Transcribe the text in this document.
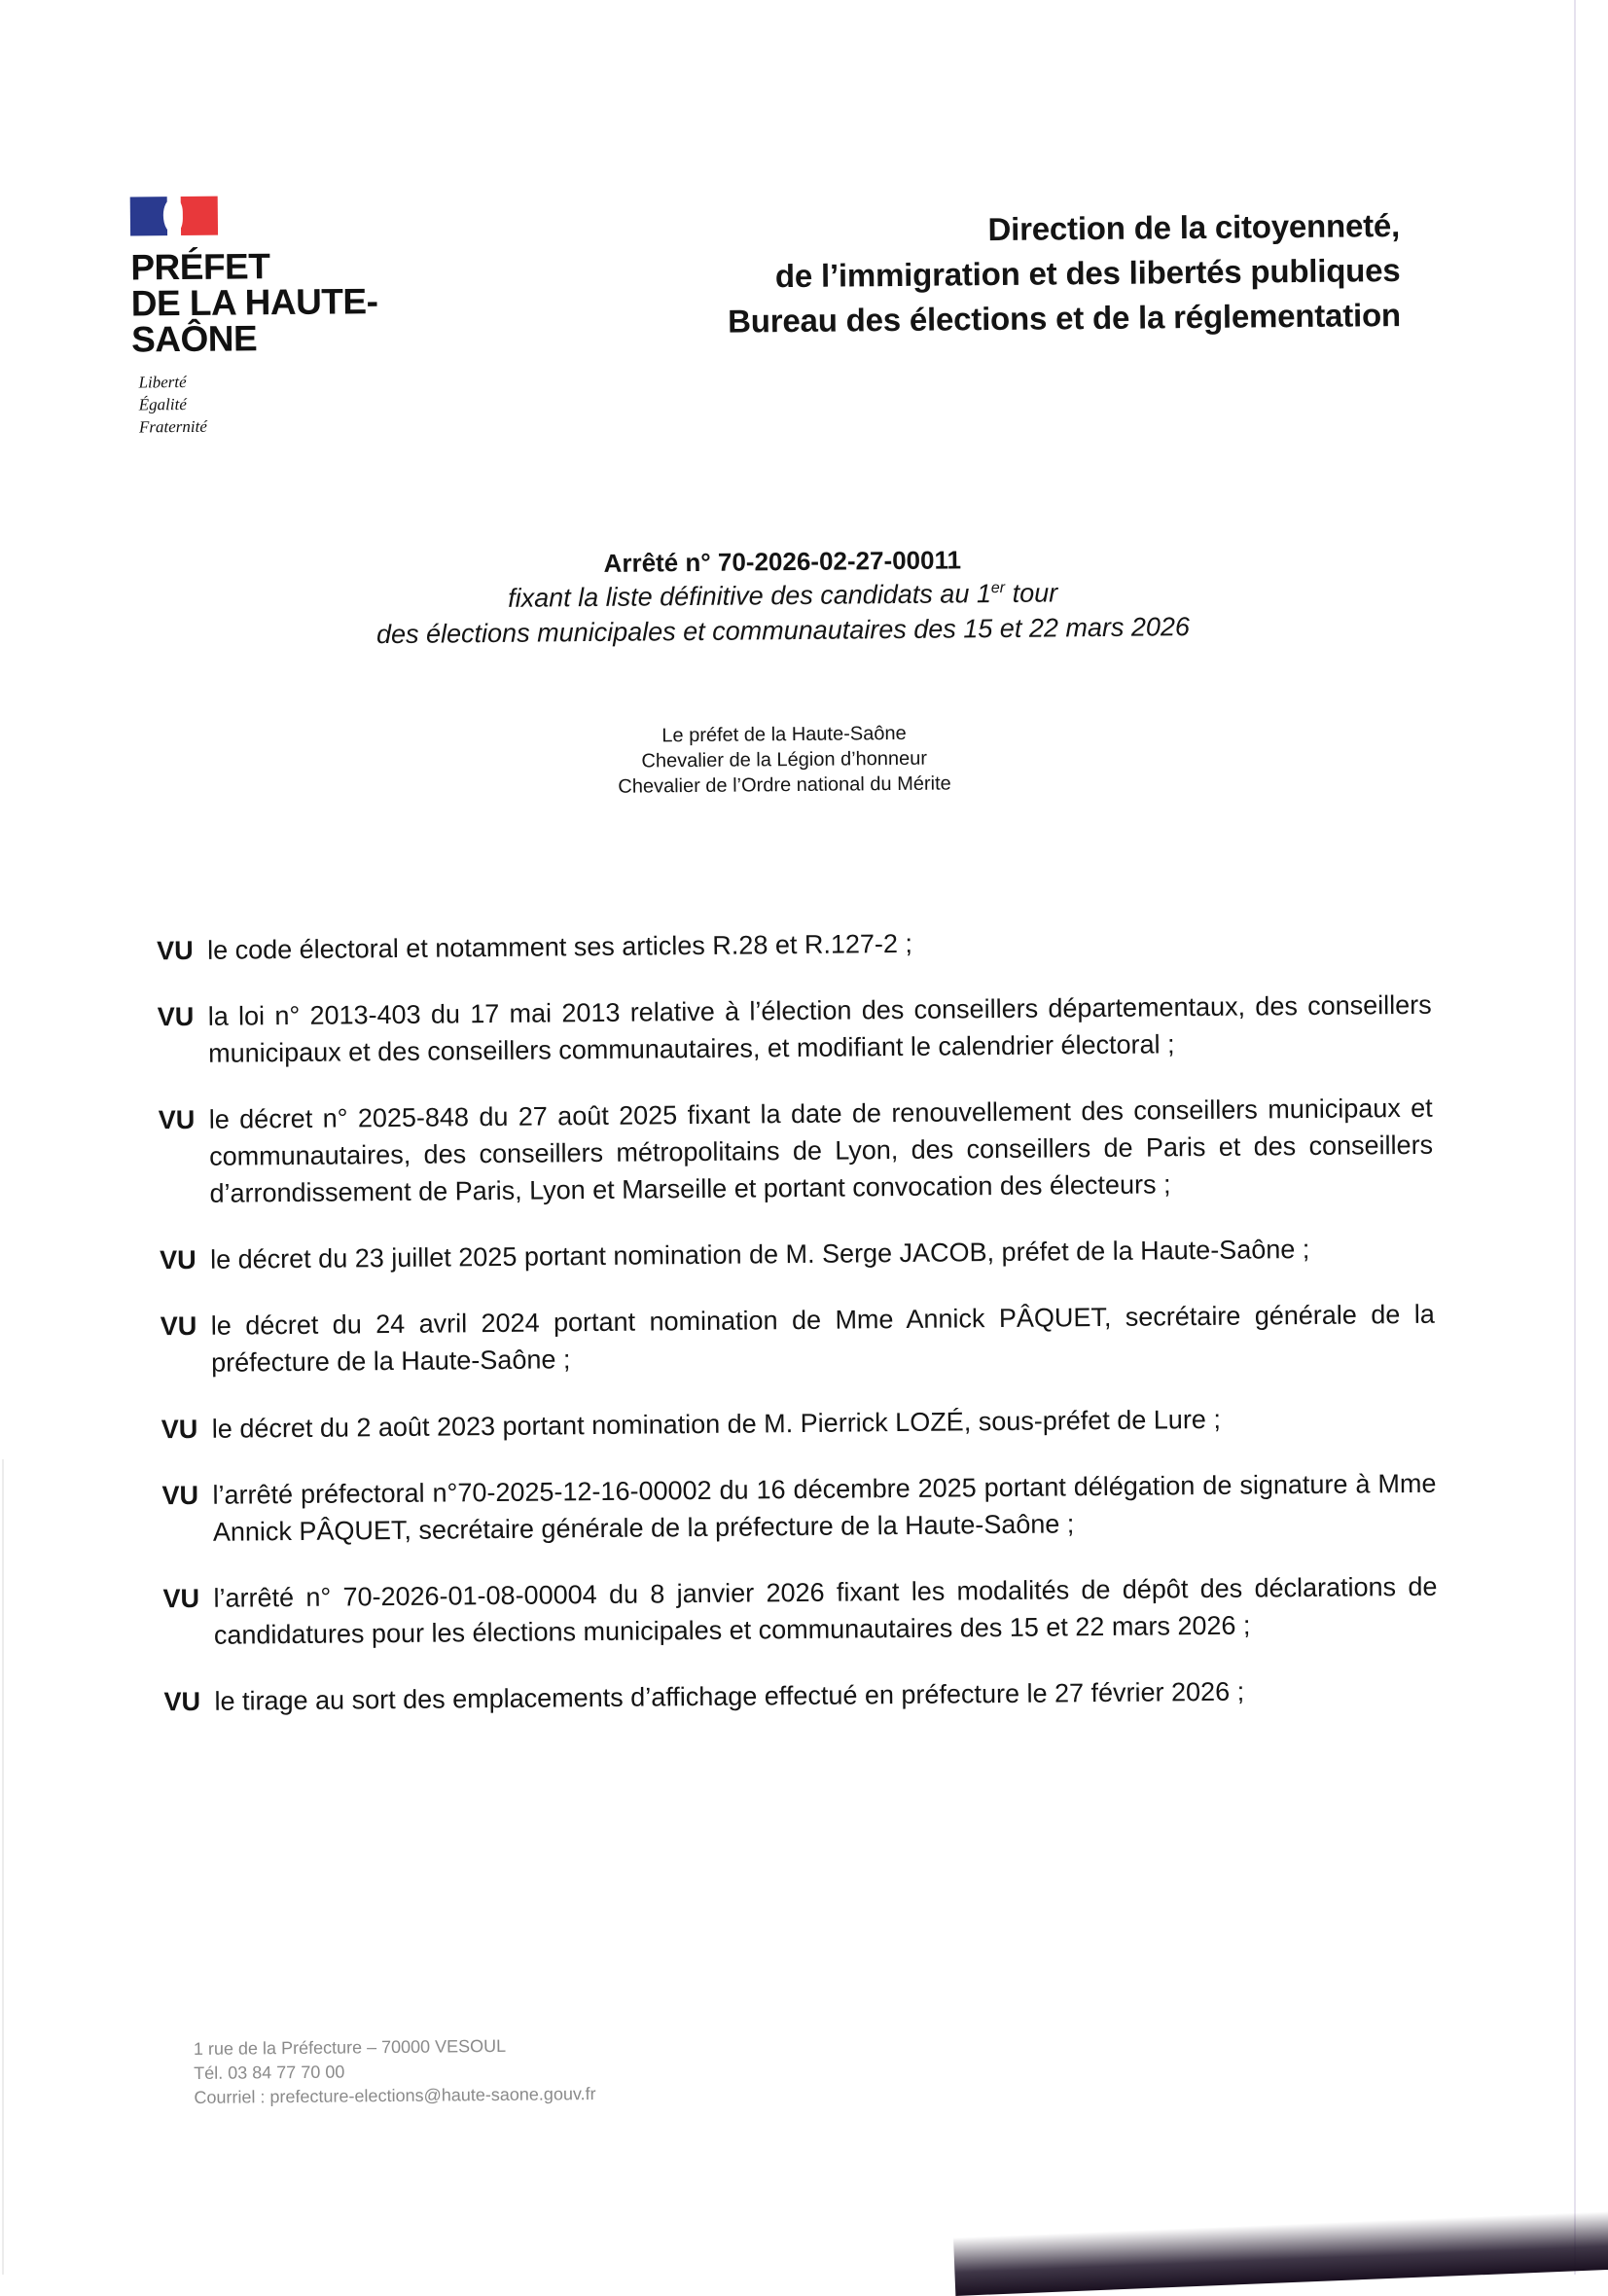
PRÉFET
DE LA HAUTE-
SAÔNE
Liberté
Égalité
Fraternité
Direction de la citoyenneté,
de l’immigration et des libertés publiques
Bureau des élections et de la réglementation
Arrêté n° 70-2026-02-27-00011
fixant la liste définitive des candidats au 1er tour
des élections municipales et communautaires des 15 et 22 mars 2026
Le préfet de la Haute-Saône
Chevalier de la Légion d’honneur
Chevalier de l’Ordre national du Mérite
VU le code électoral et notamment ses articles R.28 et R.127-2 ;
VU la loi n° 2013-403 du 17 mai 2013 relative à l’élection des conseillers départementaux, des conseillers municipaux et des conseillers communautaires, et modifiant le calendrier électoral ;
VU le décret n° 2025-848 du 27 août 2025 fixant la date de renouvellement des conseillers municipaux et communautaires, des conseillers métropolitains de Lyon, des conseillers de Paris et des conseillers d’arrondissement de Paris, Lyon et Marseille et portant convocation des électeurs ;
VU le décret du 23 juillet 2025 portant nomination de M. Serge JACOB, préfet de la Haute-Saône ;
VU le décret du 24 avril 2024 portant nomination de Mme Annick PÂQUET, secrétaire générale de la préfecture de la Haute-Saône ;
VU le décret du 2 août 2023 portant nomination de M. Pierrick LOZÉ, sous-préfet de Lure ;
VU l’arrêté préfectoral n°70-2025-12-16-00002 du 16 décembre 2025 portant délégation de signature à Mme Annick PÂQUET, secrétaire générale de la préfecture de la Haute-Saône ;
VU l’arrêté n° 70-2026-01-08-00004 du 8 janvier 2026 fixant les modalités de dépôt des déclarations de candidatures pour les élections municipales et communautaires des 15 et 22 mars 2026 ;
VU le tirage au sort des emplacements d’affichage effectué en préfecture le 27 février 2026 ;
1 rue de la Préfecture – 70000 VESOUL
Tél. 03 84 77 70 00
Courriel : prefecture-elections@haute-saone.gouv.fr
